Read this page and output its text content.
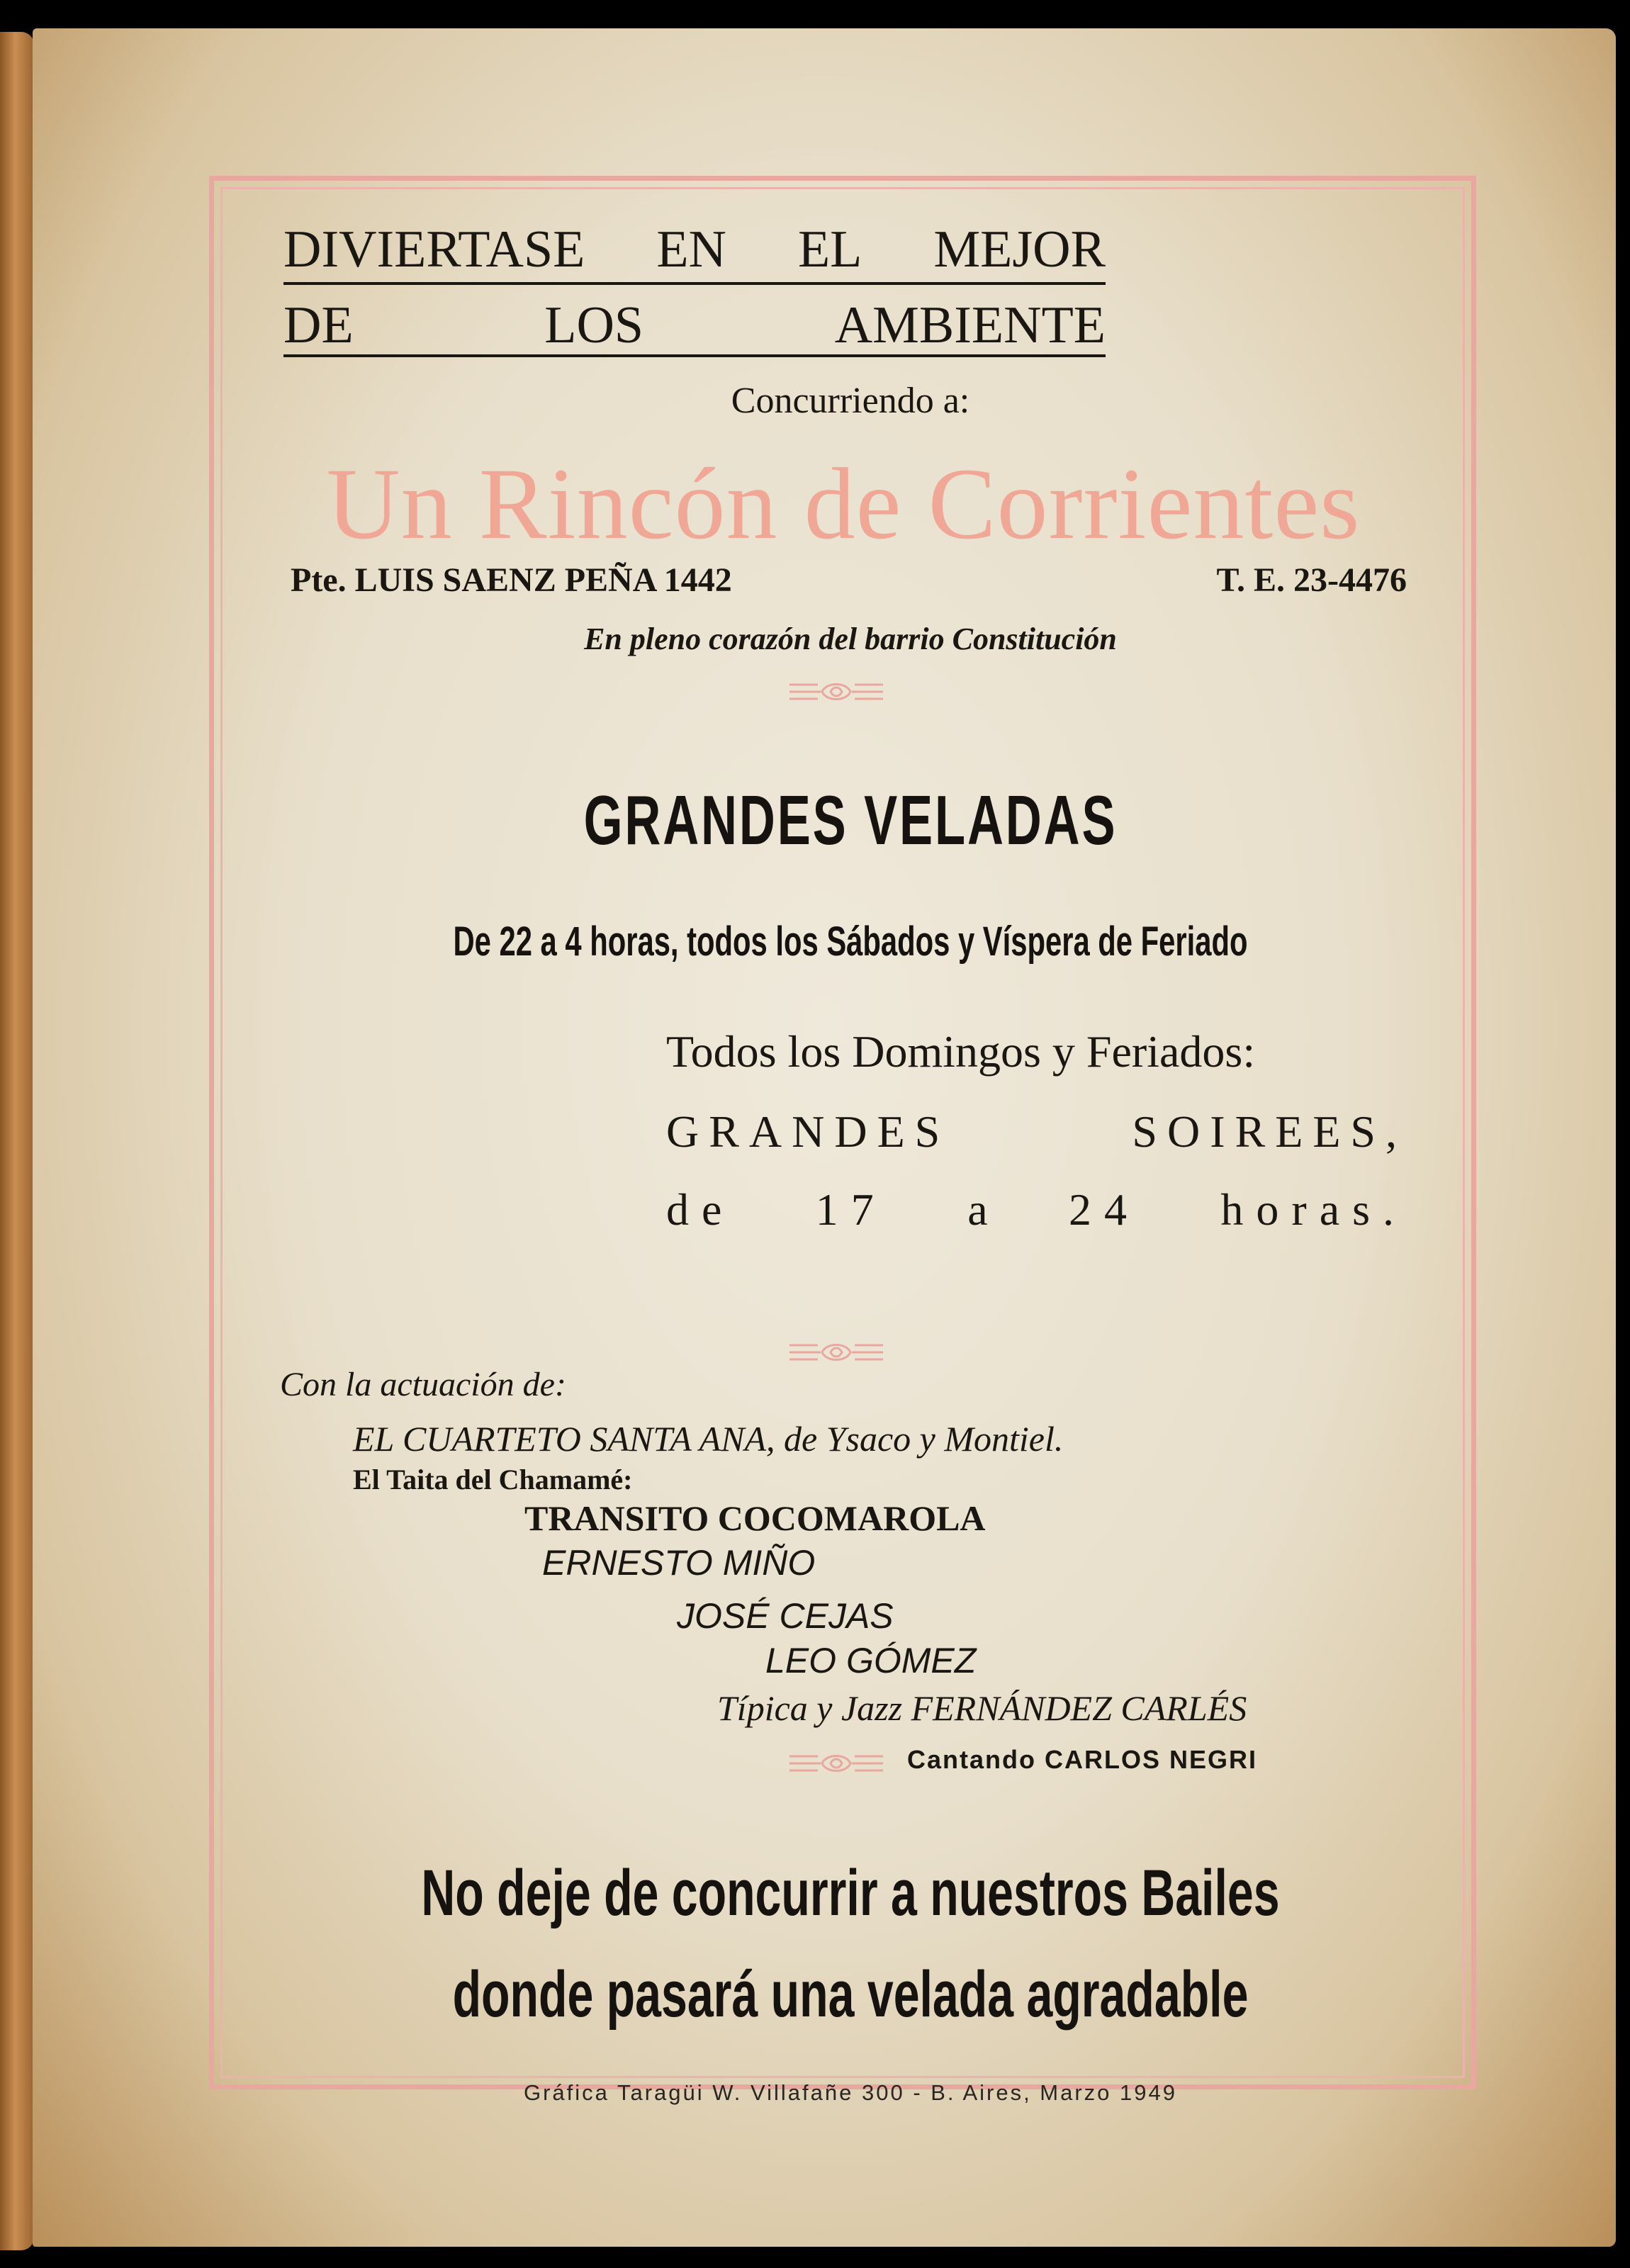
DIVIERTASE EN EL MEJOR
DE	LOS	AMBIENTE
Concurriendo a:
Un Rincón de Corrientes
Pte. LUIS SAENZ PEÑA 1442	T. E. 23-4476
En pleno corazón del barrio Constitución
GRANDES VELADAS
De 22 a 4 horas, todos los Sábados y Víspera de Feriado
Todos los Domingos y Feriados:
GRANDES	SOIREES,
de 17 a 24 horas.
Con la actuación de:
EL CUARTETO SANTA ANA, de Ysaco y Montiel.
El Taita del Chamamé:
TRANSITO COCOMAROLA
ERNESTO MIÑO
JOSÉ CEJAS
LEO GÓMEZ
Típica y Jazz FERNÁNDEZ CARLÉS
Cantando CARLOS NEGRI
No deje de concurrir a nuestros Bailes
donde pasará una velada agradable
Gráfica Taragüi W. Villafañe 300 - B. Aires, Marzo 1949
